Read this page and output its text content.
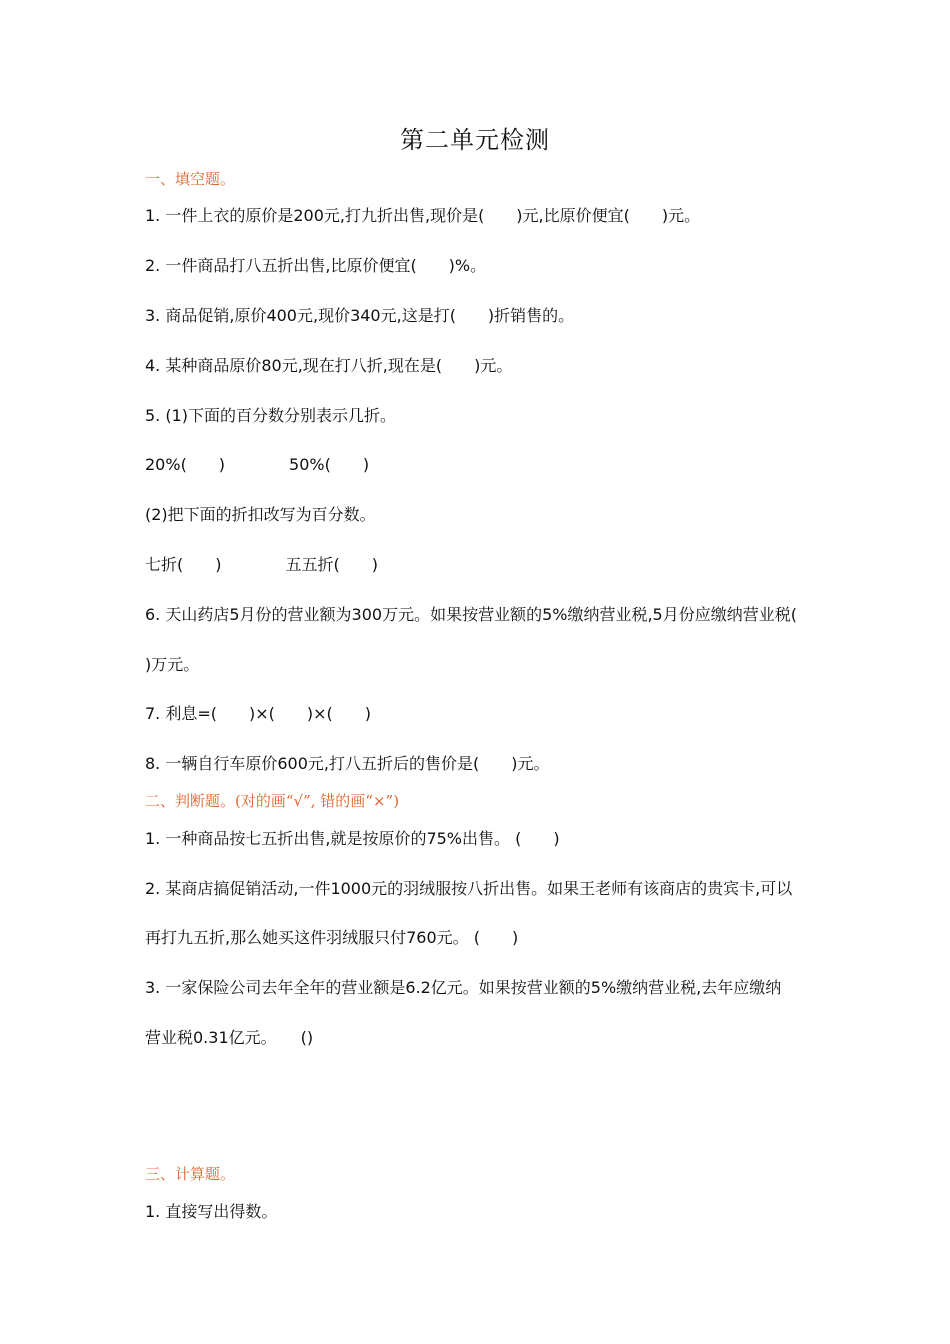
第二单元检测
一、填空题。
1. 一件上衣的原价是200元,打九折出售,现价是(　　)元,比原价便宜(　　)元。
2. 一件商品打八五折出售,比原价便宜(　　)%。
3. 商品促销,原价400元,现价340元,这是打(　　)折销售的。
4. 某种商品原价80元,现在打八折,现在是(　　)元。
5. (1)下面的百分数分别表示几折。
20%(　　)　　　　50%(　　)
(2)把下面的折扣改写为百分数。
七折(　　)　　　　五五折(　　)
6. 天山药店5月份的营业额为300万元。如果按营业额的5%缴纳营业税,5月份应缴纳营业税(
)万元。
7. 利息=(　　)×(　　)×(　　)
8. 一辆自行车原价600元,打八五折后的售价是(　　)元。
二、判断题。(对的画“√”, 错的画“×”)
1. 一种商品按七五折出售,就是按原价的75%出售。 (　　)
2. 某商店搞促销活动,一件1000元的羽绒服按八折出售。如果王老师有该商店的贵宾卡,可以
再打九五折,那么她买这件羽绒服只付760元。 (　　)
3. 一家保险公司去年全年的营业额是6.2亿元。如果按营业额的5%缴纳营业税,去年应缴纳
营业税0.31亿元。　　()
三、计算题。
1. 直接写出得数。
